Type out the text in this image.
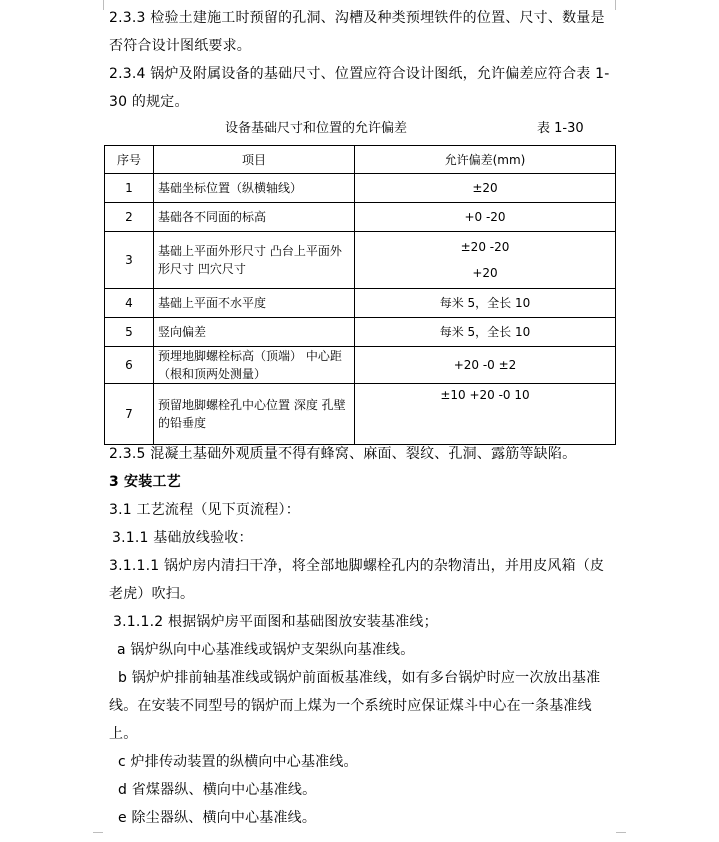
2.3.3 检验土建施工时预留的孔洞、沟槽及种类预埋铁件的位置、尺寸、数量是否符合设计图纸要求。
2.3.4 锅炉及附属设备的基础尺寸、位置应符合设计图纸，允许偏差应符合表 1-30 的规定。
设备基础尺寸和位置的允许偏差	表 1-30
序号	项目	允许偏差(mm)
1	基础坐标位置（纵横轴线）	±20

2	基础各不同面的标高	+0 -20

3	基础上平面外形尺寸 凸台上平面外形尺寸 凹穴尺寸	±20 -20
+20

4	基础上平面不水平度	每米 5，全长 10

5	竖向偏差	每米 5，全长 10

6	预埋地脚螺栓标高（顶端） 中心距（根和顶两处测量）	+20 -0 ±2

7	预留地脚螺栓孔中心位置 深度 孔壁的铅垂度	±10 +20 -0 10
2.3.5 混凝土基础外观质量不得有蜂窝、麻面、裂纹、孔洞、露筋等缺陷。
3 安装工艺
3.1 工艺流程（见下页流程）：
3.1.1 基础放线验收：
3.1.1.1 锅炉房内清扫干净，将全部地脚螺栓孔内的杂物清出，并用皮风箱（皮老虎）吹扫。
3.1.1.2 根据锅炉房平面图和基础图放安装基准线；
a 锅炉纵向中心基准线或锅炉支架纵向基准线。
b 锅炉炉排前轴基准线或锅炉前面板基准线，如有多台锅炉时应一次放出基准线。在安装不同型号的锅炉而上煤为一个系统时应保证煤斗中心在一条基准线上。
c 炉排传动装置的纵横向中心基准线。
d 省煤器纵、横向中心基准线。
e 除尘器纵、横向中心基准线。
